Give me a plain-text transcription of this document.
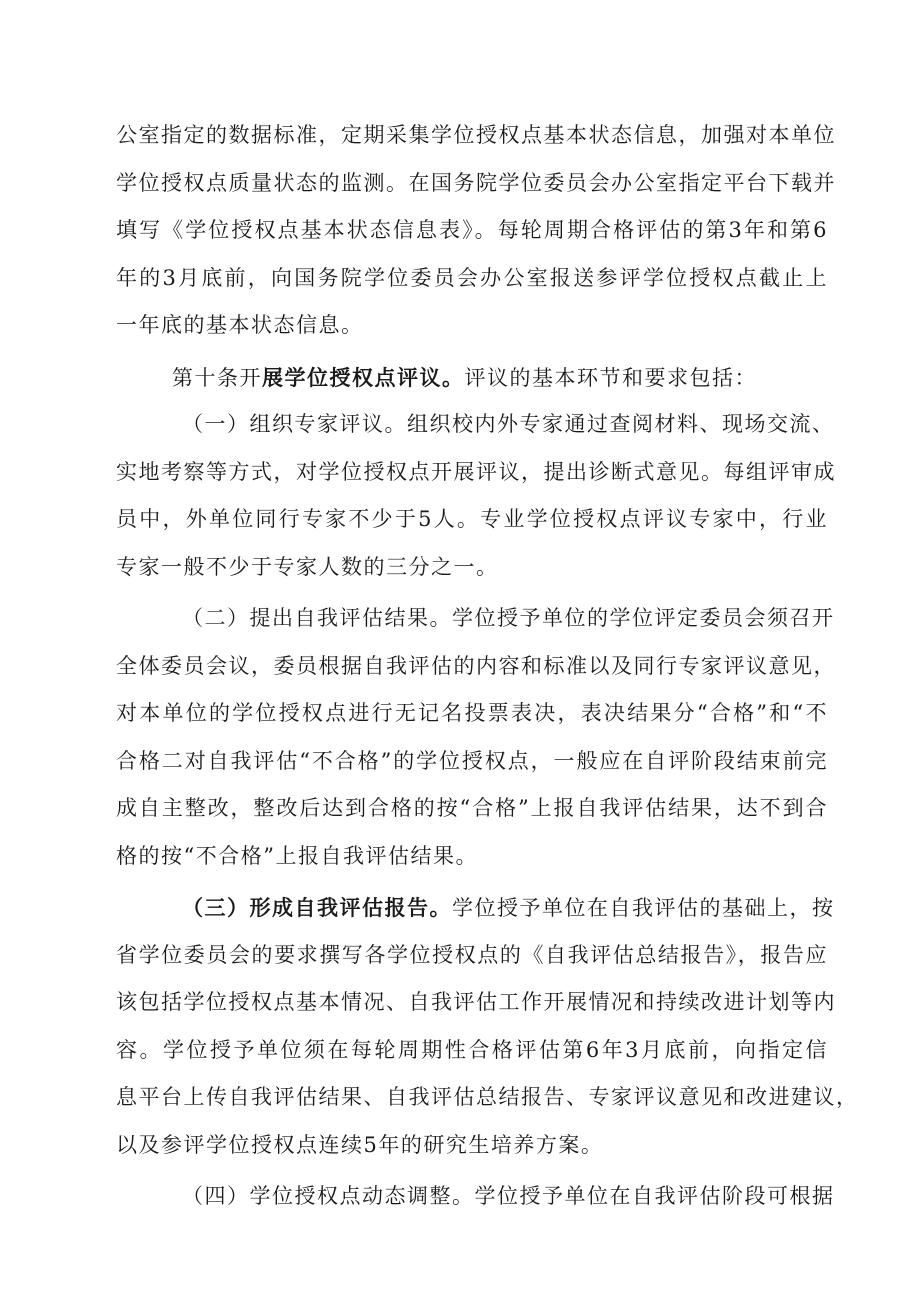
公室指定的数据标准，定期采集学位授权点基本状态信息，加强对本单位
学位授权点质量状态的监测。在国务院学位委员会办公室指定平台下载并
填写《学位授权点基本状态信息表》。每轮周期合格评估的第3年和第6
年的3月底前，向国务院学位委员会办公室报送参评学位授权点截止上
一年底的基本状态信息。
第十条开展学位授权点评议。评议的基本环节和要求包括：
（一）组织专家评议。组织校内外专家通过查阅材料、现场交流、
实地考察等方式，对学位授权点开展评议，提出诊断式意见。每组评审成
员中，外单位同行专家不少于5人。专业学位授权点评议专家中，行业
专家一般不少于专家人数的三分之一。
（二）提出自我评估结果。学位授予单位的学位评定委员会须召开
全体委员会议，委员根据自我评估的内容和标准以及同行专家评议意见，
对本单位的学位授权点进行无记名投票表决，表决结果分“合格”和“不
合格二对自我评估“不合格”的学位授权点，一般应在自评阶段结束前完
成自主整改，整改后达到合格的按“合格”上报自我评估结果，达不到合
格的按“不合格”上报自我评估结果。
（三）形成自我评估报告。学位授予单位在自我评估的基础上，按
省学位委员会的要求撰写各学位授权点的《自我评估总结报告》，报告应
该包括学位授权点基本情况、自我评估工作开展情况和持续改进计划等内
容。学位授予单位须在每轮周期性合格评估第6年3月底前，向指定信
息平台上传自我评估结果、自我评估总结报告、专家评议意见和改进建议，
以及参评学位授权点连续5年的研究生培养方案。
（四）学位授权点动态调整。学位授予单位在自我评估阶段可根据
